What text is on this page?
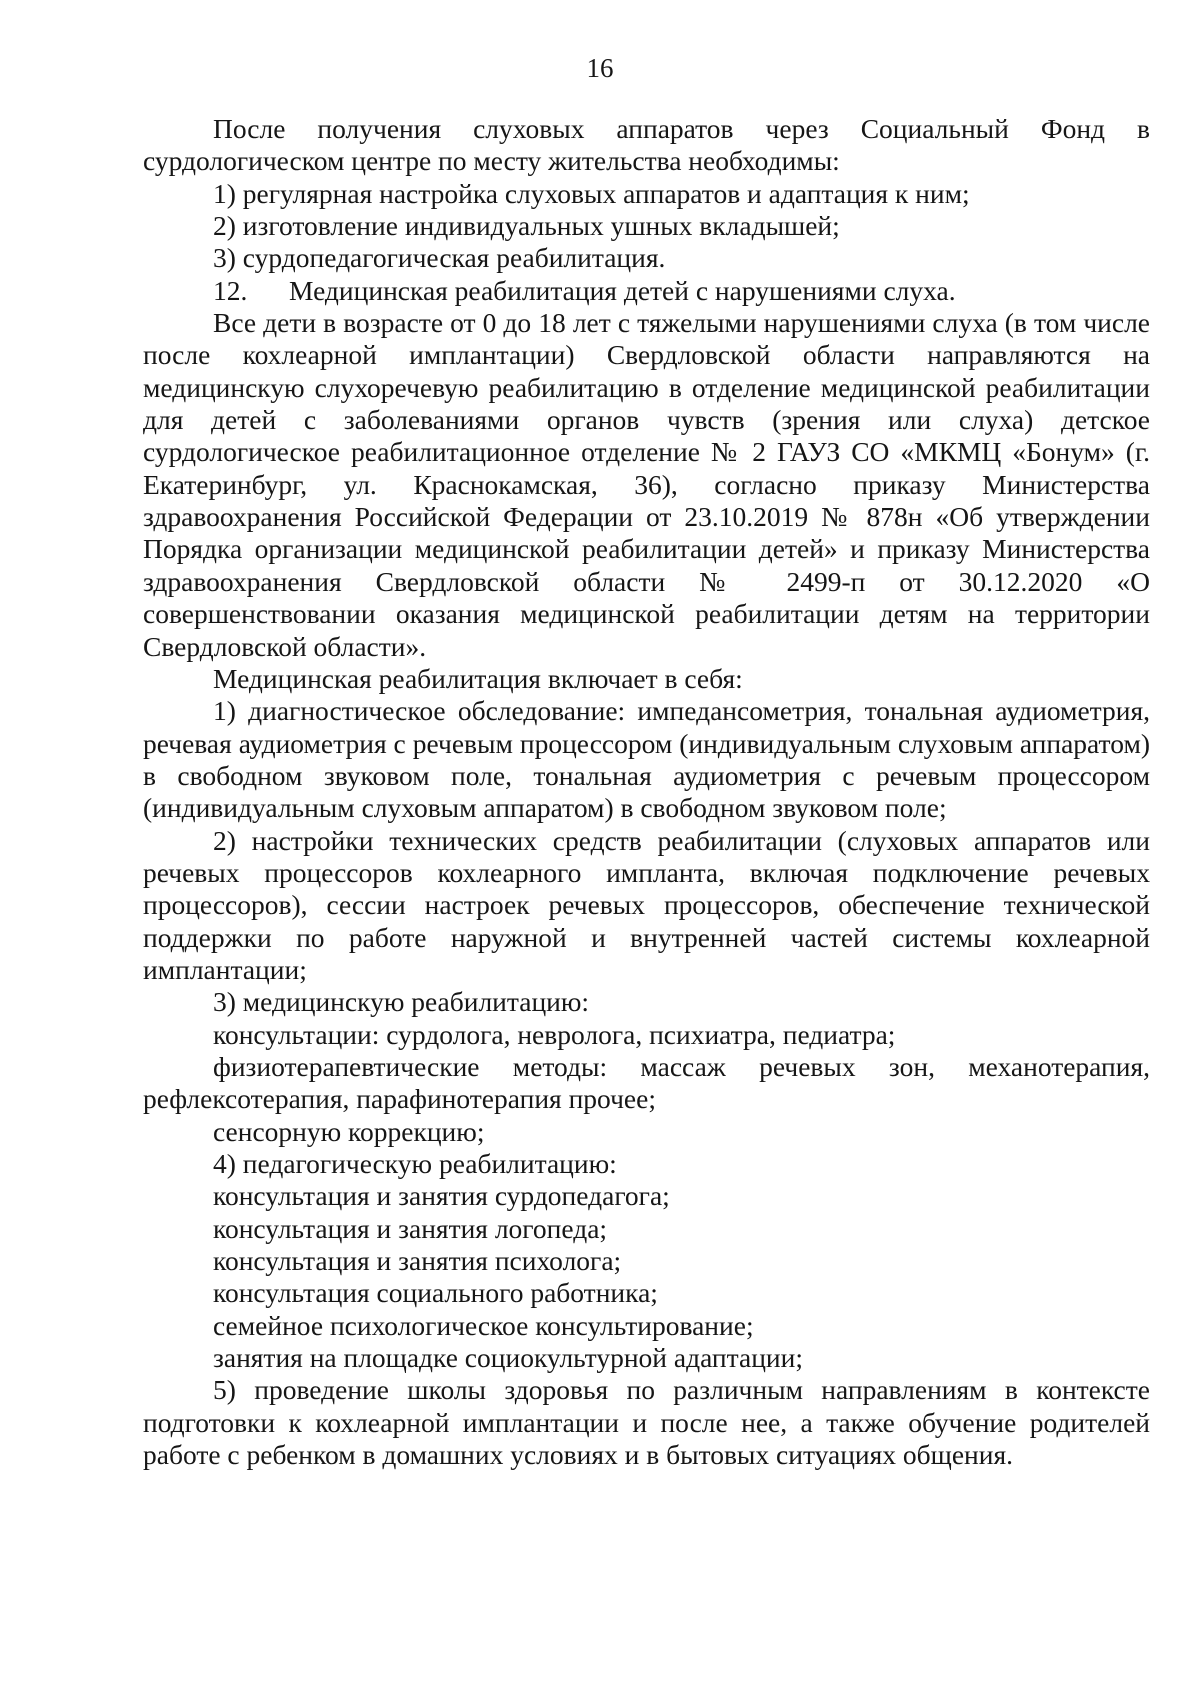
16

После получения слуховых аппаратов через Социальный Фонд в сурдологическом центре по месту жительства необходимы:

1) регулярная настройка слуховых аппаратов и адаптация к ним;

2) изготовление индивидуальных ушных вкладышей;

3) сурдопедагогическая реабилитация.

12. Медицинская реабилитация детей с нарушениями слуха.

Все дети в возрасте от 0 до 18 лет с тяжелыми нарушениями слуха (в том числе после кохлеарной имплантации) Свердловской области направляются на медицинскую слухоречевую реабилитацию в отделение медицинской реабилитации для детей с заболеваниями органов чувств (зрения или слуха) детское сурдологическое реабилитационное отделение № 2 ГАУЗ СО «МКМЦ «Бонум» (г. Екатеринбург, ул. Краснокамская, 36), согласно приказу Министерства здравоохранения Российской Федерации от 23.10.2019 № 878н «Об утверждении Порядка организации медицинской реабилитации детей» и приказу Министерства здравоохранения Свердловской области № 2499-п от 30.12.2020 «О совершенствовании оказания медицинской реабилитации детям на территории Свердловской области».

Медицинская реабилитация включает в себя:

1) диагностическое обследование: импедансометрия, тональная аудиометрия, речевая аудиометрия с речевым процессором (индивидуальным слуховым аппаратом) в свободном звуковом поле, тональная аудиометрия с речевым процессором (индивидуальным слуховым аппаратом) в свободном звуковом поле;

2) настройки технических средств реабилитации (слуховых аппаратов или речевых процессоров кохлеарного импланта, включая подключение речевых процессоров), сессии настроек речевых процессоров, обеспечение технической поддержки по работе наружной и внутренней частей системы кохлеарной имплантации;

3) медицинскую реабилитацию:

консультации: сурдолога, невролога, психиатра, педиатра;

физиотерапевтические методы: массаж речевых зон, механотерапия, рефлексотерапия, парафинотерапия прочее;

сенсорную коррекцию;

4) педагогическую реабилитацию:

консультация и занятия сурдопедагога;

консультация и занятия логопеда;

консультация и занятия психолога;

консультация социального работника;

семейное психологическое консультирование;

занятия на площадке социокультурной адаптации;

5) проведение школы здоровья по различным направлениям в контексте подготовки к кохлеарной имплантации и после нее, а также обучение родителей работе с ребенком в домашних условиях и в бытовых ситуациях общения.
